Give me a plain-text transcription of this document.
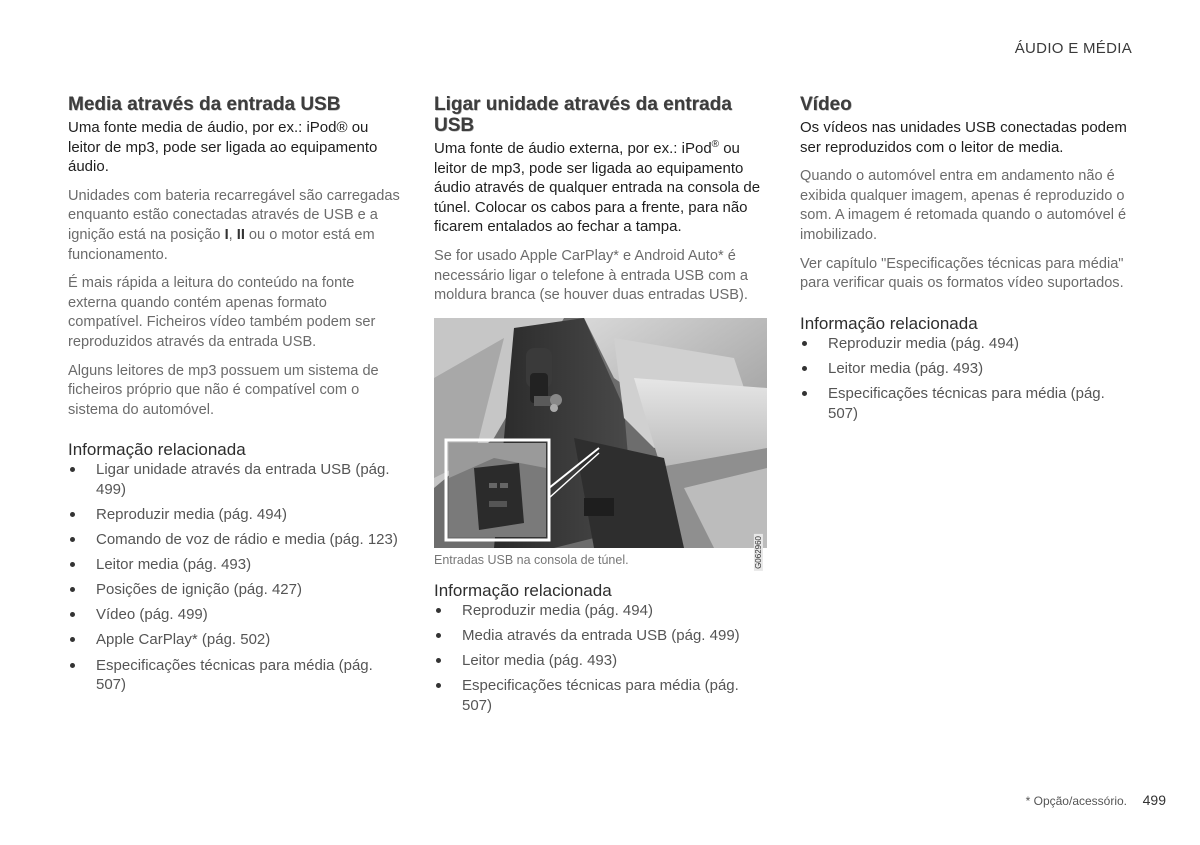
ÁUDIO E MÉDIA
Media através da entrada USB

Uma fonte media de áudio, por ex.: iPod® ou leitor de mp3, pode ser ligada ao equipamento áudio.

Unidades com bateria recarregável são carregadas enquanto estão conectadas através de USB e a ignição está na posição I, II ou o motor está em funcionamento.

É mais rápida a leitura do conteúdo na fonte externa quando contém apenas formato compatível. Ficheiros vídeo também podem ser reproduzidos através da entrada USB.

Alguns leitores de mp3 possuem um sistema de ficheiros próprio que não é compatível com o sistema do automóvel.

Informação relacionada
Ligar unidade através da entrada USB (pág. 499)
Reproduzir media (pág. 494)
Comando de voz de rádio e media (pág. 123)
Leitor media (pág. 493)
Posições de ignição (pág. 427)
Vídeo (pág. 499)
Apple CarPlay* (pág. 502)
Especificações técnicas para média (pág. 507)
Ligar unidade através da entrada USB

Uma fonte de áudio externa, por ex.: iPod® ou leitor de mp3, pode ser ligada ao equipamento áudio através de qualquer entrada na consola de túnel. Colocar os cabos para a frente, para não ficarem entalados ao fechar a tampa.

Se for usado Apple CarPlay* e Android Auto* é necessário ligar o telefone à entrada USB com a moldura branca (se houver duas entradas USB).

G062960
Entradas USB na consola de túnel.
Informação relacionada
Reproduzir media (pág. 494)
Media através da entrada USB (pág. 499)
Leitor media (pág. 493)
Especificações técnicas para média (pág. 507)
Vídeo

Os vídeos nas unidades USB conectadas podem ser reproduzidos com o leitor de media.

Quando o automóvel entra em andamento não é exibida qualquer imagem, apenas é reproduzido o som. A imagem é retomada quando o automóvel é imobilizado.

Ver capítulo "Especificações técnicas para média" para verificar quais os formatos vídeo suportados.

Informação relacionada
Reproduzir media (pág. 494)
Leitor media (pág. 493)
Especificações técnicas para média (pág. 507)
* Opção/acessório. 499
